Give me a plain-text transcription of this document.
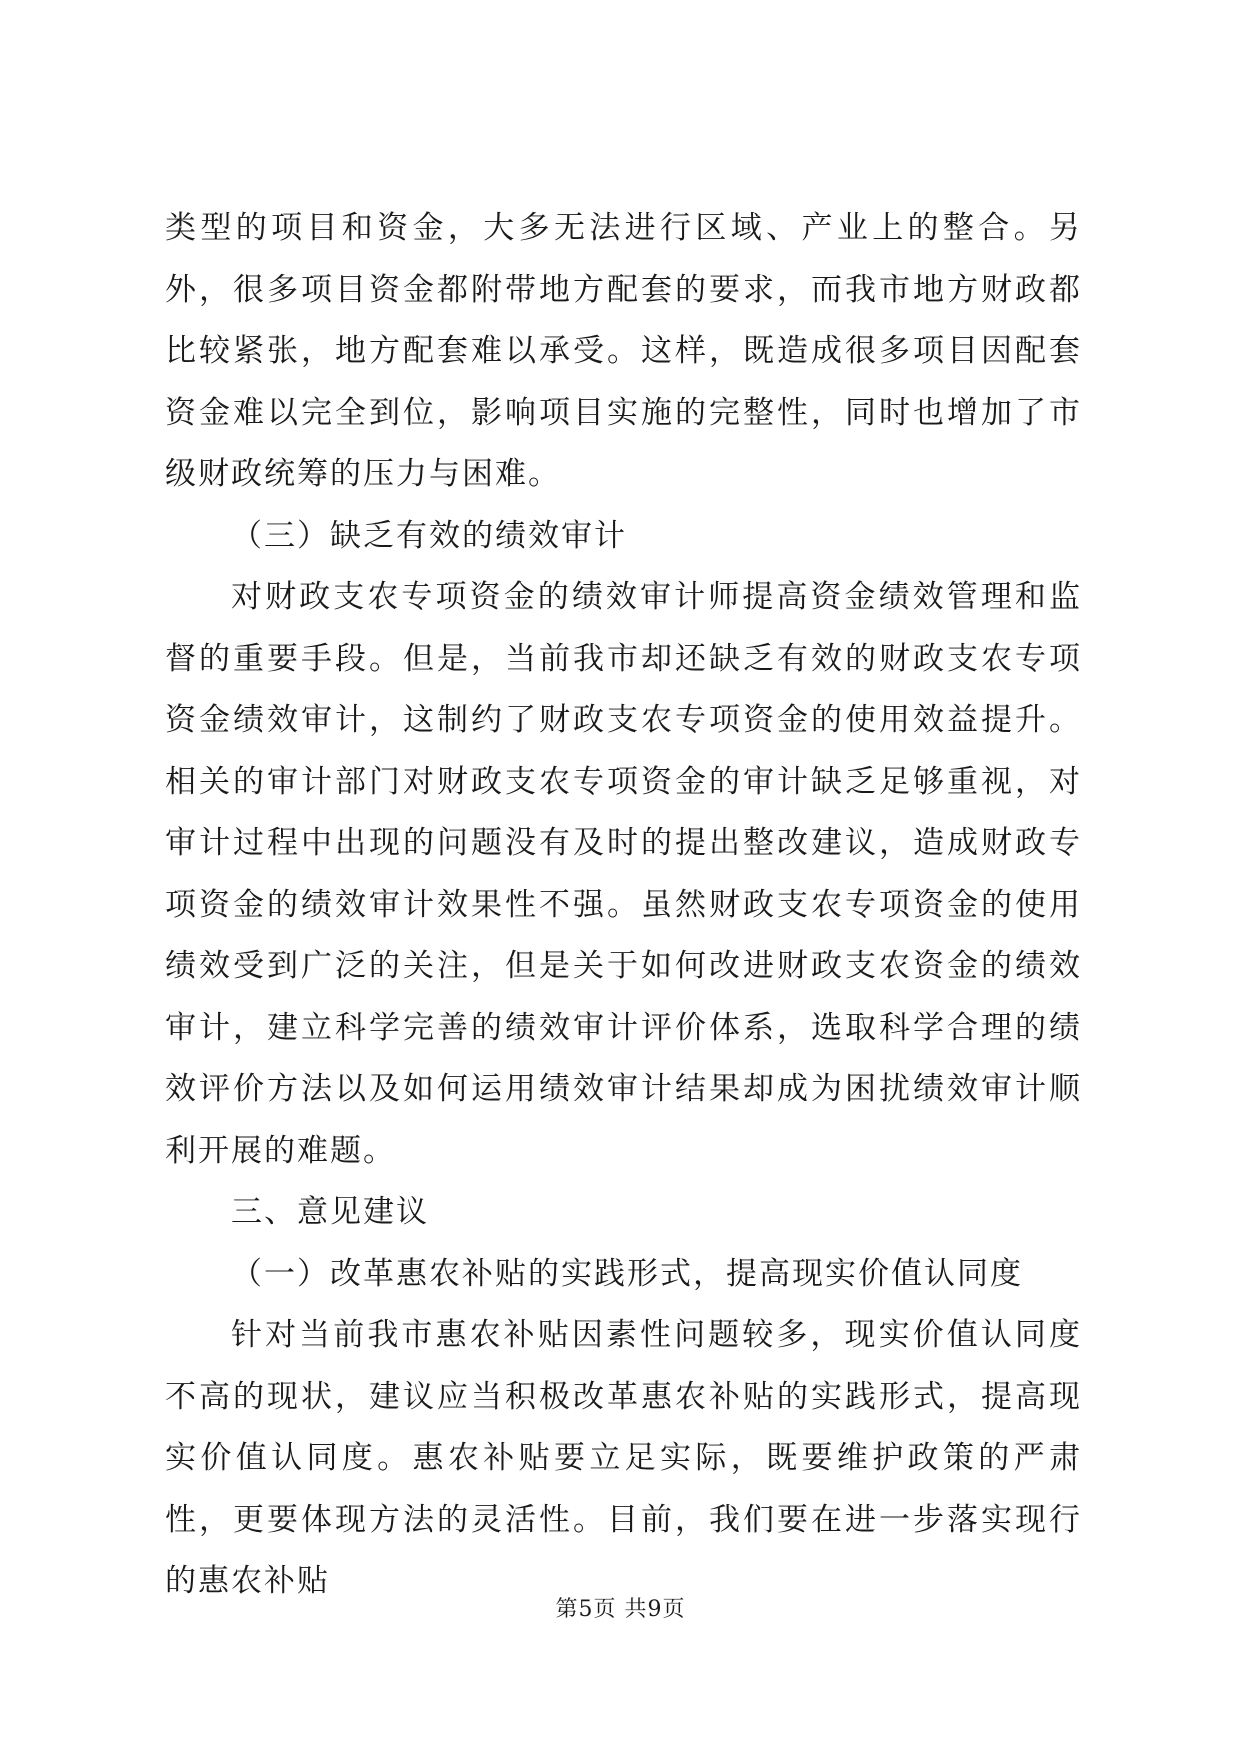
类型的项目和资金，大多无法进行区域、产业上的整合。另外，很多项目资金都附带地方配套的要求，而我市地方财政都比较紧张，地方配套难以承受。这样，既造成很多项目因配套资金难以完全到位，影响项目实施的完整性，同时也增加了市级财政统筹的压力与困难。

（三）缺乏有效的绩效审计

对财政支农专项资金的绩效审计师提高资金绩效管理和监督的重要手段。但是，当前我市却还缺乏有效的财政支农专项资金绩效审计，这制约了财政支农专项资金的使用效益提升。相关的审计部门对财政支农专项资金的审计缺乏足够重视，对审计过程中出现的问题没有及时的提出整改建议，造成财政专项资金的绩效审计效果性不强。虽然财政支农专项资金的使用绩效受到广泛的关注，但是关于如何改进财政支农资金的绩效审计，建立科学完善的绩效审计评价体系，选取科学合理的绩效评价方法以及如何运用绩效审计结果却成为困扰绩效审计顺利开展的难题。

三、意见建议

（一）改革惠农补贴的实践形式，提高现实价值认同度

针对当前我市惠农补贴因素性问题较多，现实价值认同度不高的现状，建议应当积极改革惠农补贴的实践形式，提高现实价值认同度。惠农补贴要立足实际，既要维护政策的严肃性，更要体现方法的灵活性。目前，我们要在进一步落实现行的惠农补贴

第5页 共9页
